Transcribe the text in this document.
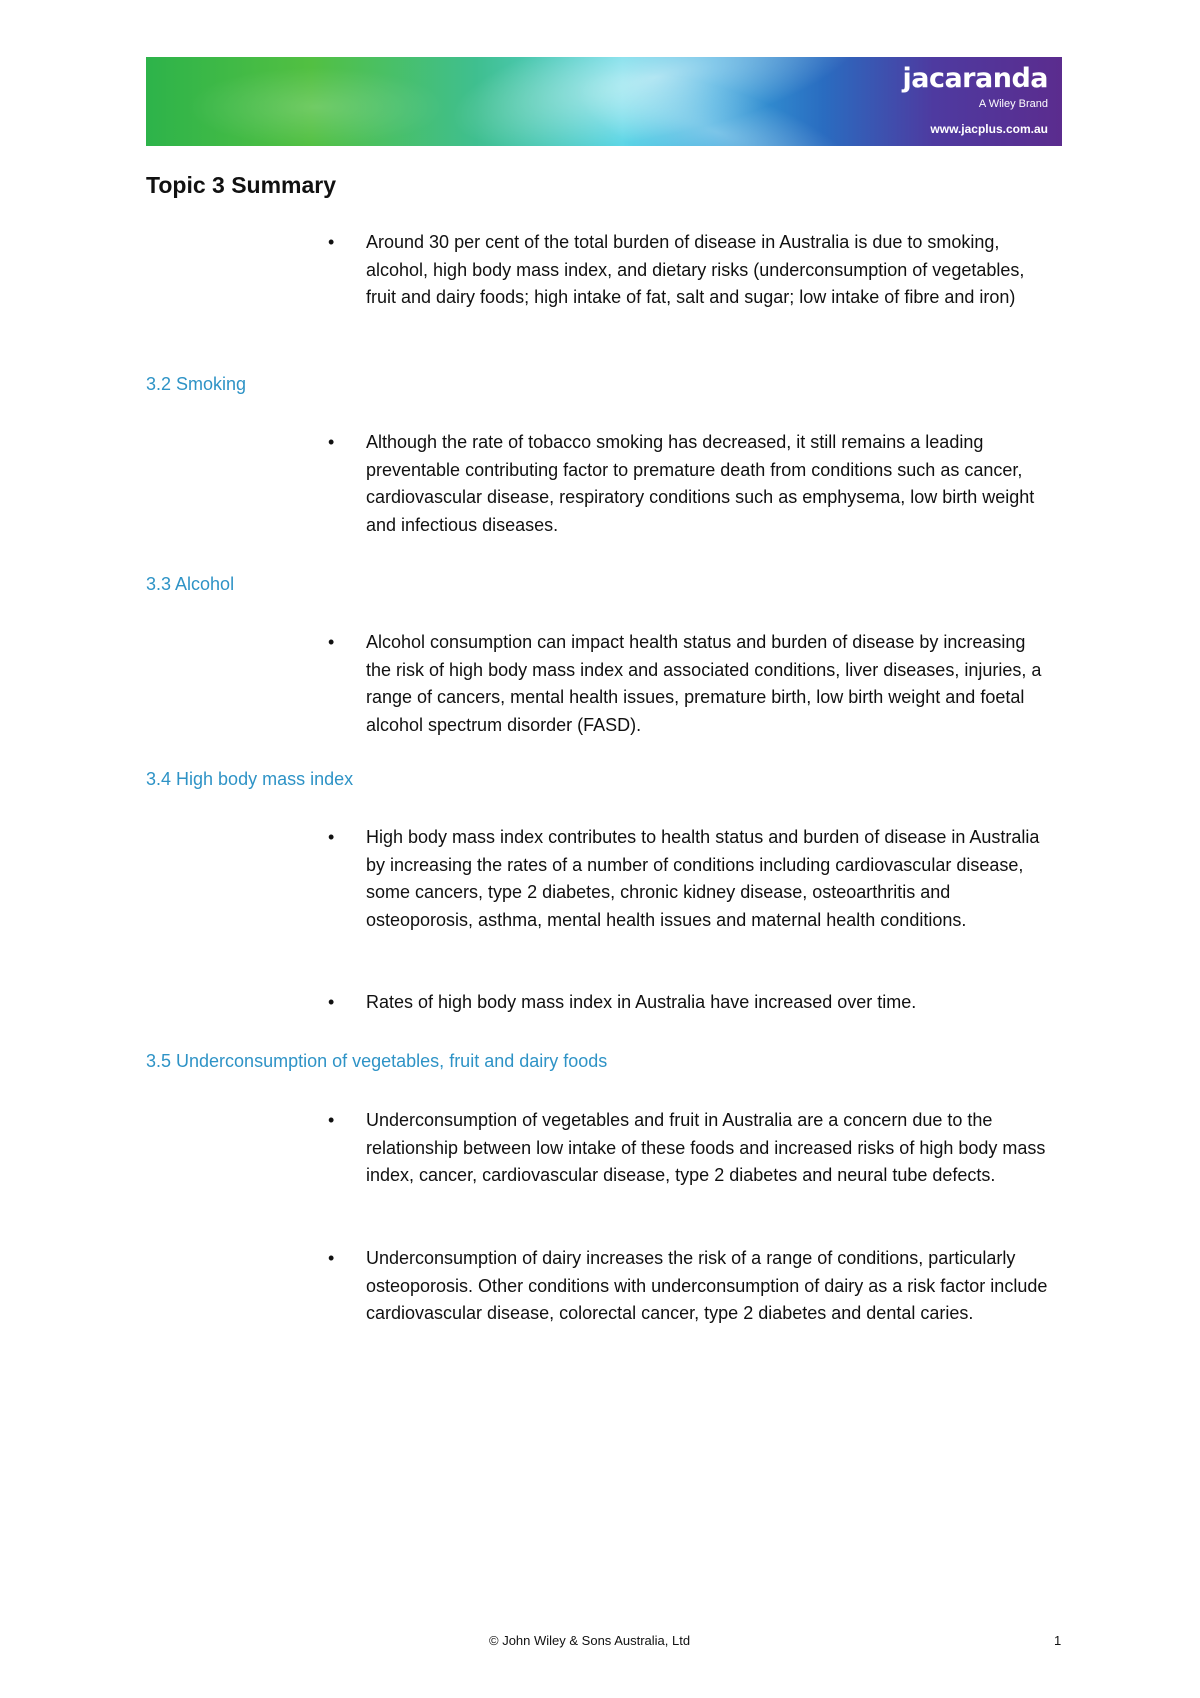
jacaranda
A Wiley Brand
www.jacplus.com.au
Topic 3 Summary
•	Around 30 per cent of the total burden of disease in Australia is due to smoking, alcohol, high body mass index, and dietary risks (underconsumption of vegetables, fruit and dairy foods; high intake of fat, salt and sugar; low intake of fibre and iron)
3.2 Smoking
•	Although the rate of tobacco smoking has decreased, it still remains a leading preventable contributing factor to premature death from conditions such as cancer, cardiovascular disease, respiratory conditions such as emphysema, low birth weight and infectious diseases.
3.3 Alcohol
•	Alcohol consumption can impact health status and burden of disease by increasing the risk of high body mass index and associated conditions, liver diseases, injuries, a range of cancers, mental health issues, premature birth, low birth weight and foetal alcohol spectrum disorder (FASD).
3.4 High body mass index
•	High body mass index contributes to health status and burden of disease in Australia by increasing the rates of a number of conditions including cardiovascular disease, some cancers, type 2 diabetes, chronic kidney disease, osteoarthritis and osteoporosis, asthma, mental health issues and maternal health conditions.
•	Rates of high body mass index in Australia have increased over time.
3.5 Underconsumption of vegetables, fruit and dairy foods
•	Underconsumption of vegetables and fruit in Australia are a concern due to the relationship between low intake of these foods and increased risks of high body mass index, cancer, cardiovascular disease, type 2 diabetes and neural tube defects.
•	Underconsumption of dairy increases the risk of a range of conditions, particularly osteoporosis. Other conditions with underconsumption of dairy as a risk factor include cardiovascular disease, colorectal cancer, type 2 diabetes and dental caries.
© John Wiley & Sons Australia, Ltd	1
